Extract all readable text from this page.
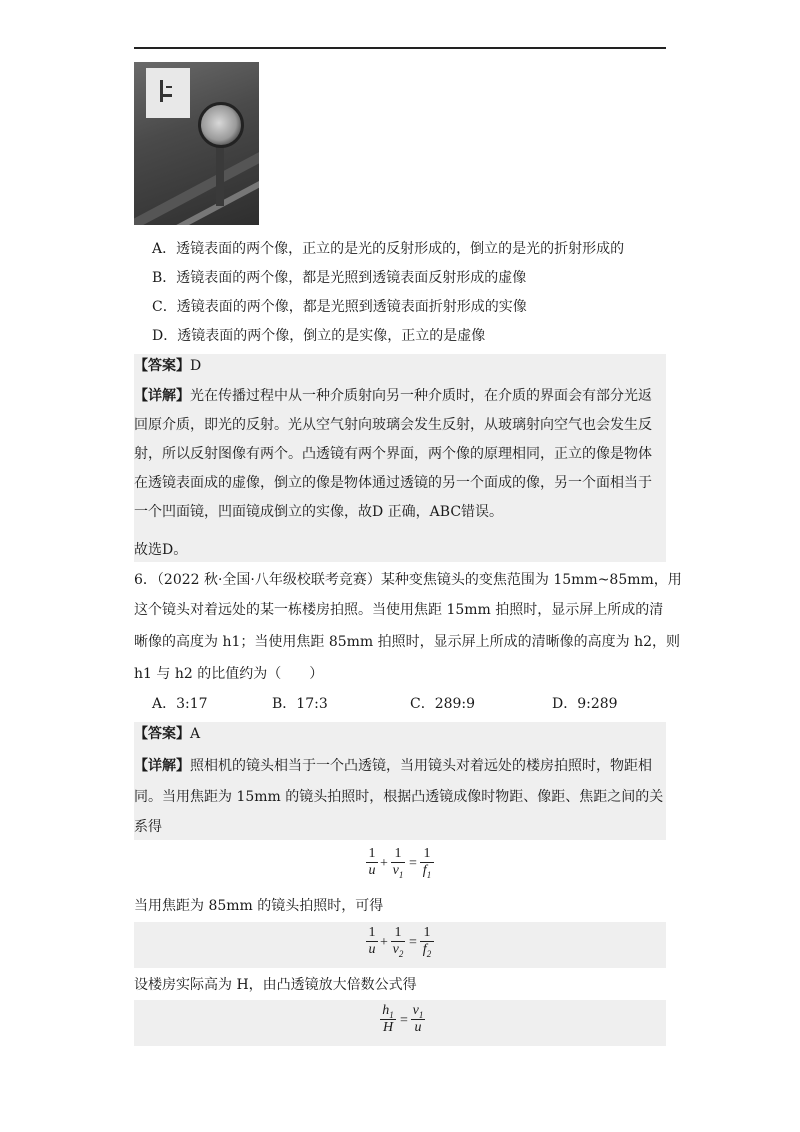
A．透镜表面的两个像，正立的是光的反射形成的，倒立的是光的折射形成的
B．透镜表面的两个像，都是光照到透镜表面反射形成的虚像
C．透镜表面的两个像，都是光照到透镜表面折射形成的实像
D．透镜表面的两个像，倒立的是实像，正立的是虚像
【答案】D
【详解】光在传播过程中从一种介质射向另一种介质时，在介质的界面会有部分光返
回原介质，即光的反射。光从空气射向玻璃会发生反射，从玻璃射向空气也会发生反
射，所以反射图像有两个。凸透镜有两个界面，两个像的原理相同，正立的像是物体
在透镜表面成的虚像，倒立的像是物体通过透镜的另一个面成的像，另一个面相当于
一个凹面镜，凹面镜成倒立的实像，故D 正确，ABC错误。
故选D。
6．（2022 秋·全国·八年级校联考竞赛）某种变焦镜头的变焦范围为 15mm~85mm，用
这个镜头对着远处的某一栋楼房拍照。当使用焦距 15mm 拍照时，显示屏上所成的清
晰像的高度为 h1；当使用焦距 85mm 拍照时，显示屏上所成的清晰像的高度为 h2，则
h1 与 h2 的比值约为（　　）
A．3:17	B．17:3	C．289:9	D．9:289
【答案】A
【详解】照相机的镜头相当于一个凸透镜，当用镜头对着远处的楼房拍照时，物距相
同。当用焦距为 15mm 的镜头拍照时，根据凸透镜成像时物距、像距、焦距之间的关
系得
1
u +
1
$v_1$
=
1
$f_1$
当用焦距为 85mm 的镜头拍照时，可得
1
u +
1
$v_2$
=
1
$f_2$
设楼房实际高为 H，由凸透镜放大倍数公式得
$h_1$
H =
$v_1$
u
